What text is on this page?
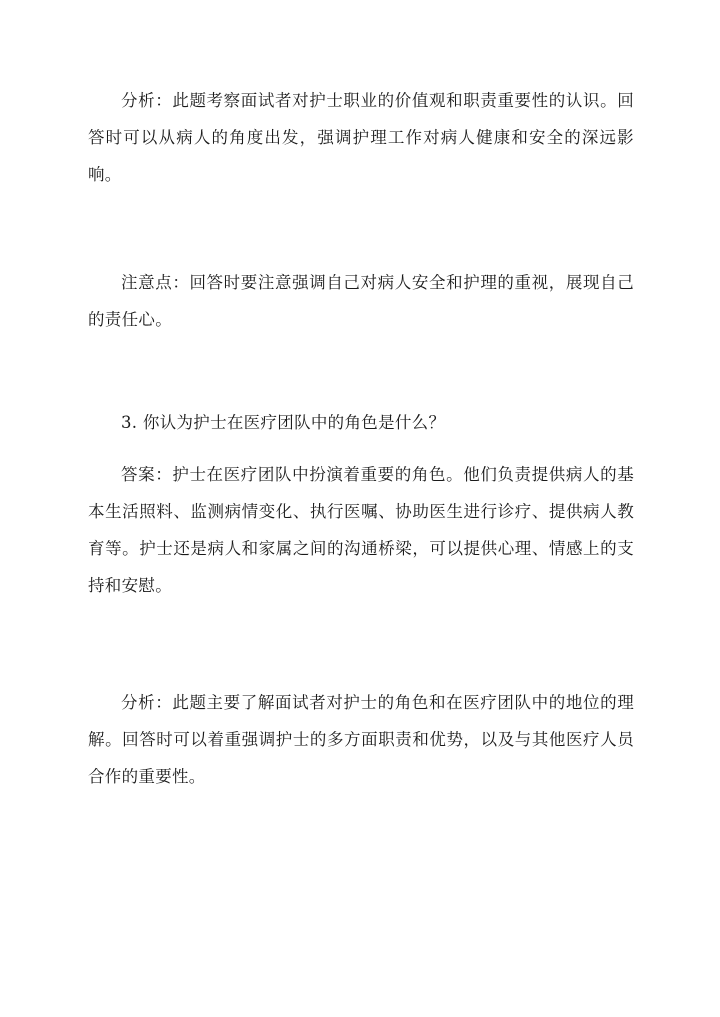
分析：此题考察面试者对护士职业的价值观和职责重要性的认识。回答时可以从病人的角度出发，强调护理工作对病人健康和安全的深远影响。

注意点：回答时要注意强调自己对病人安全和护理的重视，展现自己的责任心。

3. 你认为护士在医疗团队中的角色是什么？

答案：护士在医疗团队中扮演着重要的角色。他们负责提供病人的基本生活照料、监测病情变化、执行医嘱、协助医生进行诊疗、提供病人教育等。护士还是病人和家属之间的沟通桥梁，可以提供心理、情感上的支持和安慰。

分析：此题主要了解面试者对护士的角色和在医疗团队中的地位的理解。回答时可以着重强调护士的多方面职责和优势，以及与其他医疗人员合作的重要性。
